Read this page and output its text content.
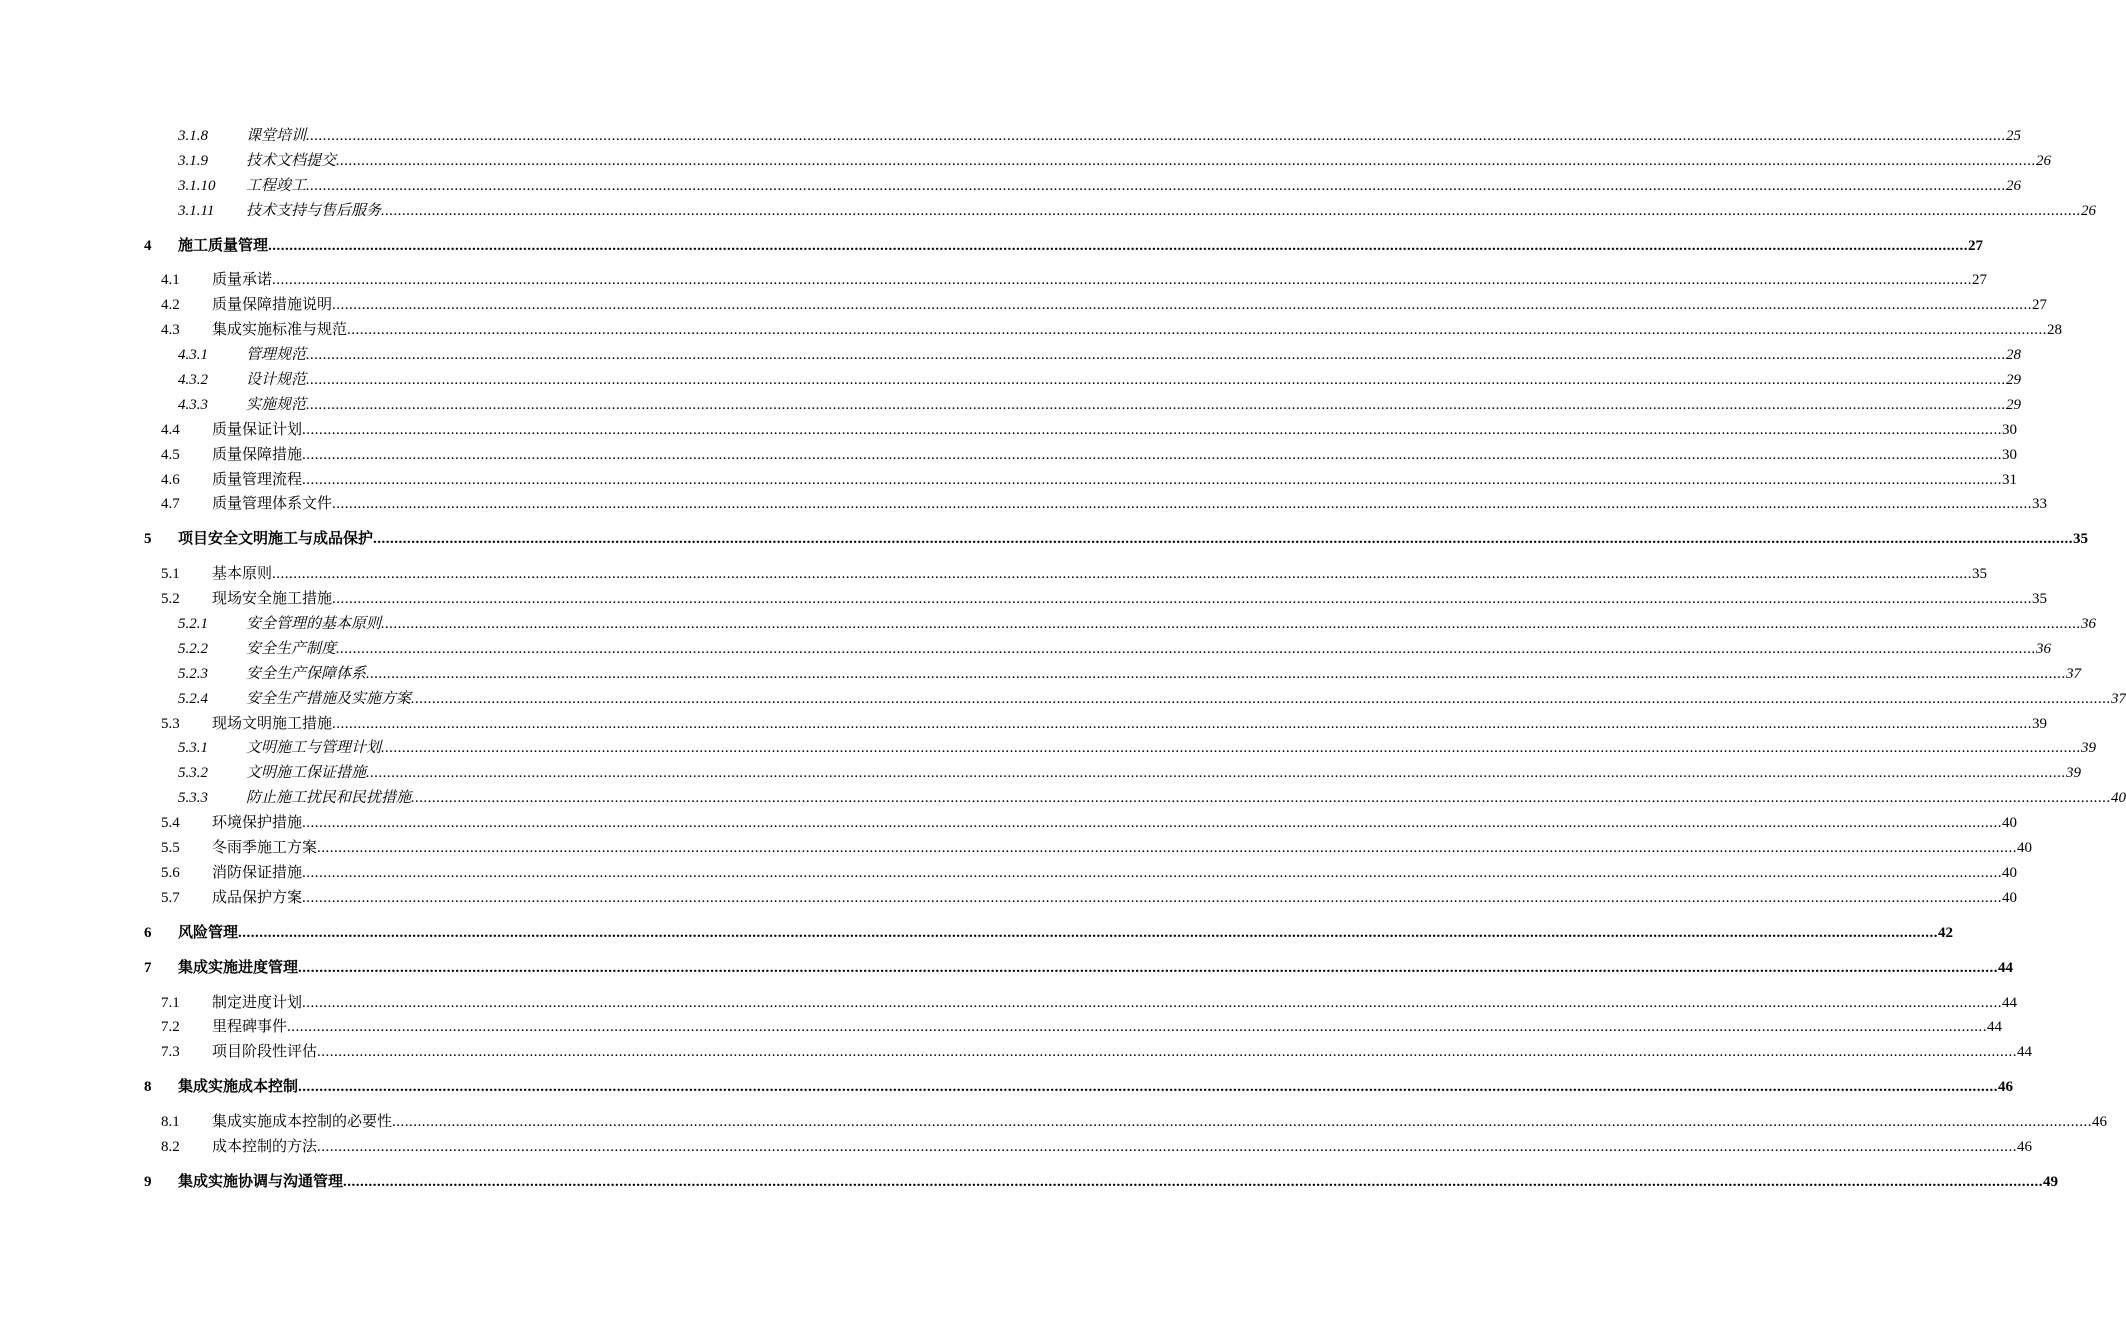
3.1.8	课堂培训 ................................................................................................................................................................................................................................................................................................................................................................................................................ 25
3.1.9	技术文档提交 ................................................................................................................................................................................................................................................................................................................................................................................................................ 26
3.1.10 工程竣工 ................................................................................................................................................................................................................................................................................................................................................................................................................ 26
3.1.11 技术支持与售后服务 ................................................................................................................................................................................................................................................................................................................................................................................................................ 26
4 施工质量管理 ................................................................................................................................................................................................................................................................................................................................................................................................................ 27
4.1 质量承诺 ................................................................................................................................................................................................................................................................................................................................................................................................................ 27
4.2 质量保障措施说明 ................................................................................................................................................................................................................................................................................................................................................................................................................ 27
4.3 集成实施标准与规范 ................................................................................................................................................................................................................................................................................................................................................................................................................ 28
4.3.1	管理规范 ................................................................................................................................................................................................................................................................................................................................................................................................................ 28
4.3.2	设计规范 ................................................................................................................................................................................................................................................................................................................................................................................................................ 29
4.3.3	实施规范 ................................................................................................................................................................................................................................................................................................................................................................................................................ 29
4.4 质量保证计划 ................................................................................................................................................................................................................................................................................................................................................................................................................ 30
4.5 质量保障措施 ................................................................................................................................................................................................................................................................................................................................................................................................................ 30
4.6 质量管理流程 ................................................................................................................................................................................................................................................................................................................................................................................................................ 31
4.7 质量管理体系文件 ................................................................................................................................................................................................................................................................................................................................................................................................................ 33
5 项目安全文明施工与成品保护 ................................................................................................................................................................................................................................................................................................................................................................................................................ 35
5.1 基本原则 ................................................................................................................................................................................................................................................................................................................................................................................................................ 35
5.2 现场安全施工措施 ................................................................................................................................................................................................................................................................................................................................................................................................................ 35
5.2.1	安全管理的基本原则 ................................................................................................................................................................................................................................................................................................................................................................................................................ 36
5.2.2	安全生产制度 ................................................................................................................................................................................................................................................................................................................................................................................................................ 36
5.2.3	安全生产保障体系 ................................................................................................................................................................................................................................................................................................................................................................................................................ 37
5.2.4	安全生产措施及实施方案 ................................................................................................................................................................................................................................................................................................................................................................................................................ 37
5.3 现场文明施工措施 ................................................................................................................................................................................................................................................................................................................................................................................................................ 39
5.3.1	文明施工与管理计划 ................................................................................................................................................................................................................................................................................................................................................................................................................ 39
5.3.2	文明施工保证措施 ................................................................................................................................................................................................................................................................................................................................................................................................................ 39
5.3.3	防止施工扰民和民扰措施 ................................................................................................................................................................................................................................................................................................................................................................................................................ 40
5.4 环境保护措施 ................................................................................................................................................................................................................................................................................................................................................................................................................ 40
5.5 冬雨季施工方案 ................................................................................................................................................................................................................................................................................................................................................................................................................ 40
5.6 消防保证措施 ................................................................................................................................................................................................................................................................................................................................................................................................................ 40
5.7 成品保护方案 ................................................................................................................................................................................................................................................................................................................................................................................................................ 40
6 风险管理 ................................................................................................................................................................................................................................................................................................................................................................................................................ 42
7 集成实施进度管理 ................................................................................................................................................................................................................................................................................................................................................................................................................ 44
7.1 制定进度计划 ................................................................................................................................................................................................................................................................................................................................................................................................................ 44
7.2 里程碑事件 ................................................................................................................................................................................................................................................................................................................................................................................................................ 44
7.3 项目阶段性评估 ................................................................................................................................................................................................................................................................................................................................................................................................................ 44
8 集成实施成本控制 ................................................................................................................................................................................................................................................................................................................................................................................................................ 46
8.1 集成实施成本控制的必要性 ................................................................................................................................................................................................................................................................................................................................................................................................................ 46
8.2 成本控制的方法 ................................................................................................................................................................................................................................................................................................................................................................................................................ 46
9 集成实施协调与沟通管理 ................................................................................................................................................................................................................................................................................................................................................................................................................ 49
